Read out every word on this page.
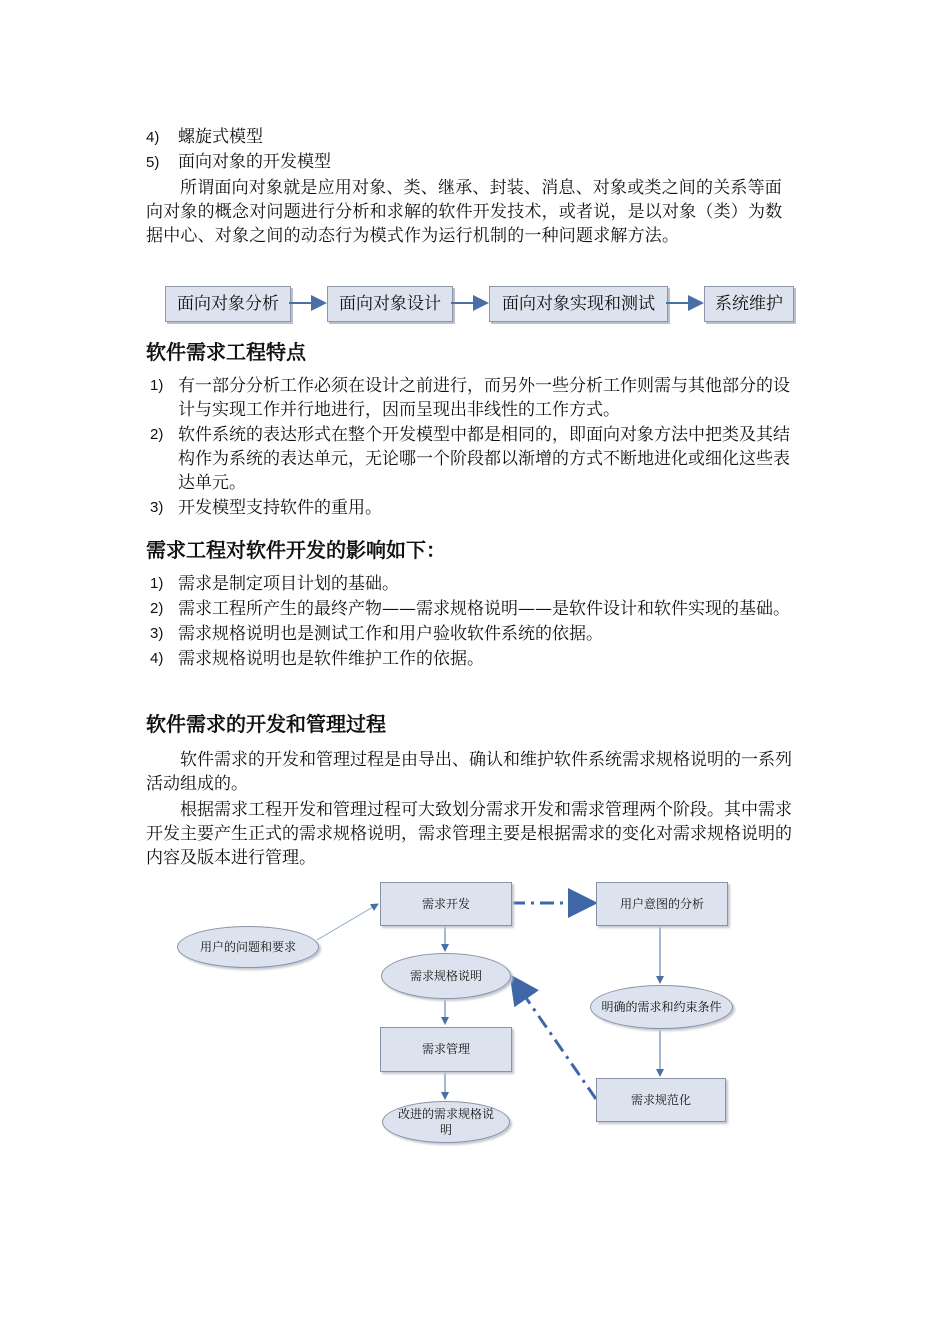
4) 螺旋式模型
5) 面向对象的开发模型

所谓面向对象就是应用对象、类、继承、封装、消息、对象或类之间的关系等面向对象的概念对问题进行分析和求解的软件开发技术，或者说，是以对象（类）为数据中心、对象之间的动态行为模式作为运行机制的一种问题求解方法。

面向对象分析	面向对象设计	面向对象实现和测试	系统维护
软件需求工程特点
1) 有一部分分析工作必须在设计之前进行，而另外一些分析工作则需与其他部分的设计与实现工作并行地进行，因而呈现出非线性的工作方式。
2) 软件系统的表达形式在整个开发模型中都是相同的，即面向对象方法中把类及其结构作为系统的表达单元，无论哪一个阶段都以渐增的方式不断地进化或细化这些表达单元。
3) 开发模型支持软件的重用。
需求工程对软件开发的影响如下：
1) 需求是制定项目计划的基础。
2) 需求工程所产生的最终产物——需求规格说明——是软件设计和软件实现的基础。
3) 需求规格说明也是测试工作和用户验收软件系统的依据。
4) 需求规格说明也是软件维护工作的依据。
软件需求的开发和管理过程

软件需求的开发和管理过程是由导出、确认和维护软件系统需求规格说明的一系列活动组成的。

根据需求工程开发和管理过程可大致划分需求开发和需求管理两个阶段。其中需求开发主要产生正式的需求规格说明，需求管理主要是根据需求的变化对需求规格说明的内容及版本进行管理。

用户的问题和要求
需求开发
需求规格说明
需求管理
改进的需求规格说明
用户意图的分析
明确的需求和约束条件
需求规范化
